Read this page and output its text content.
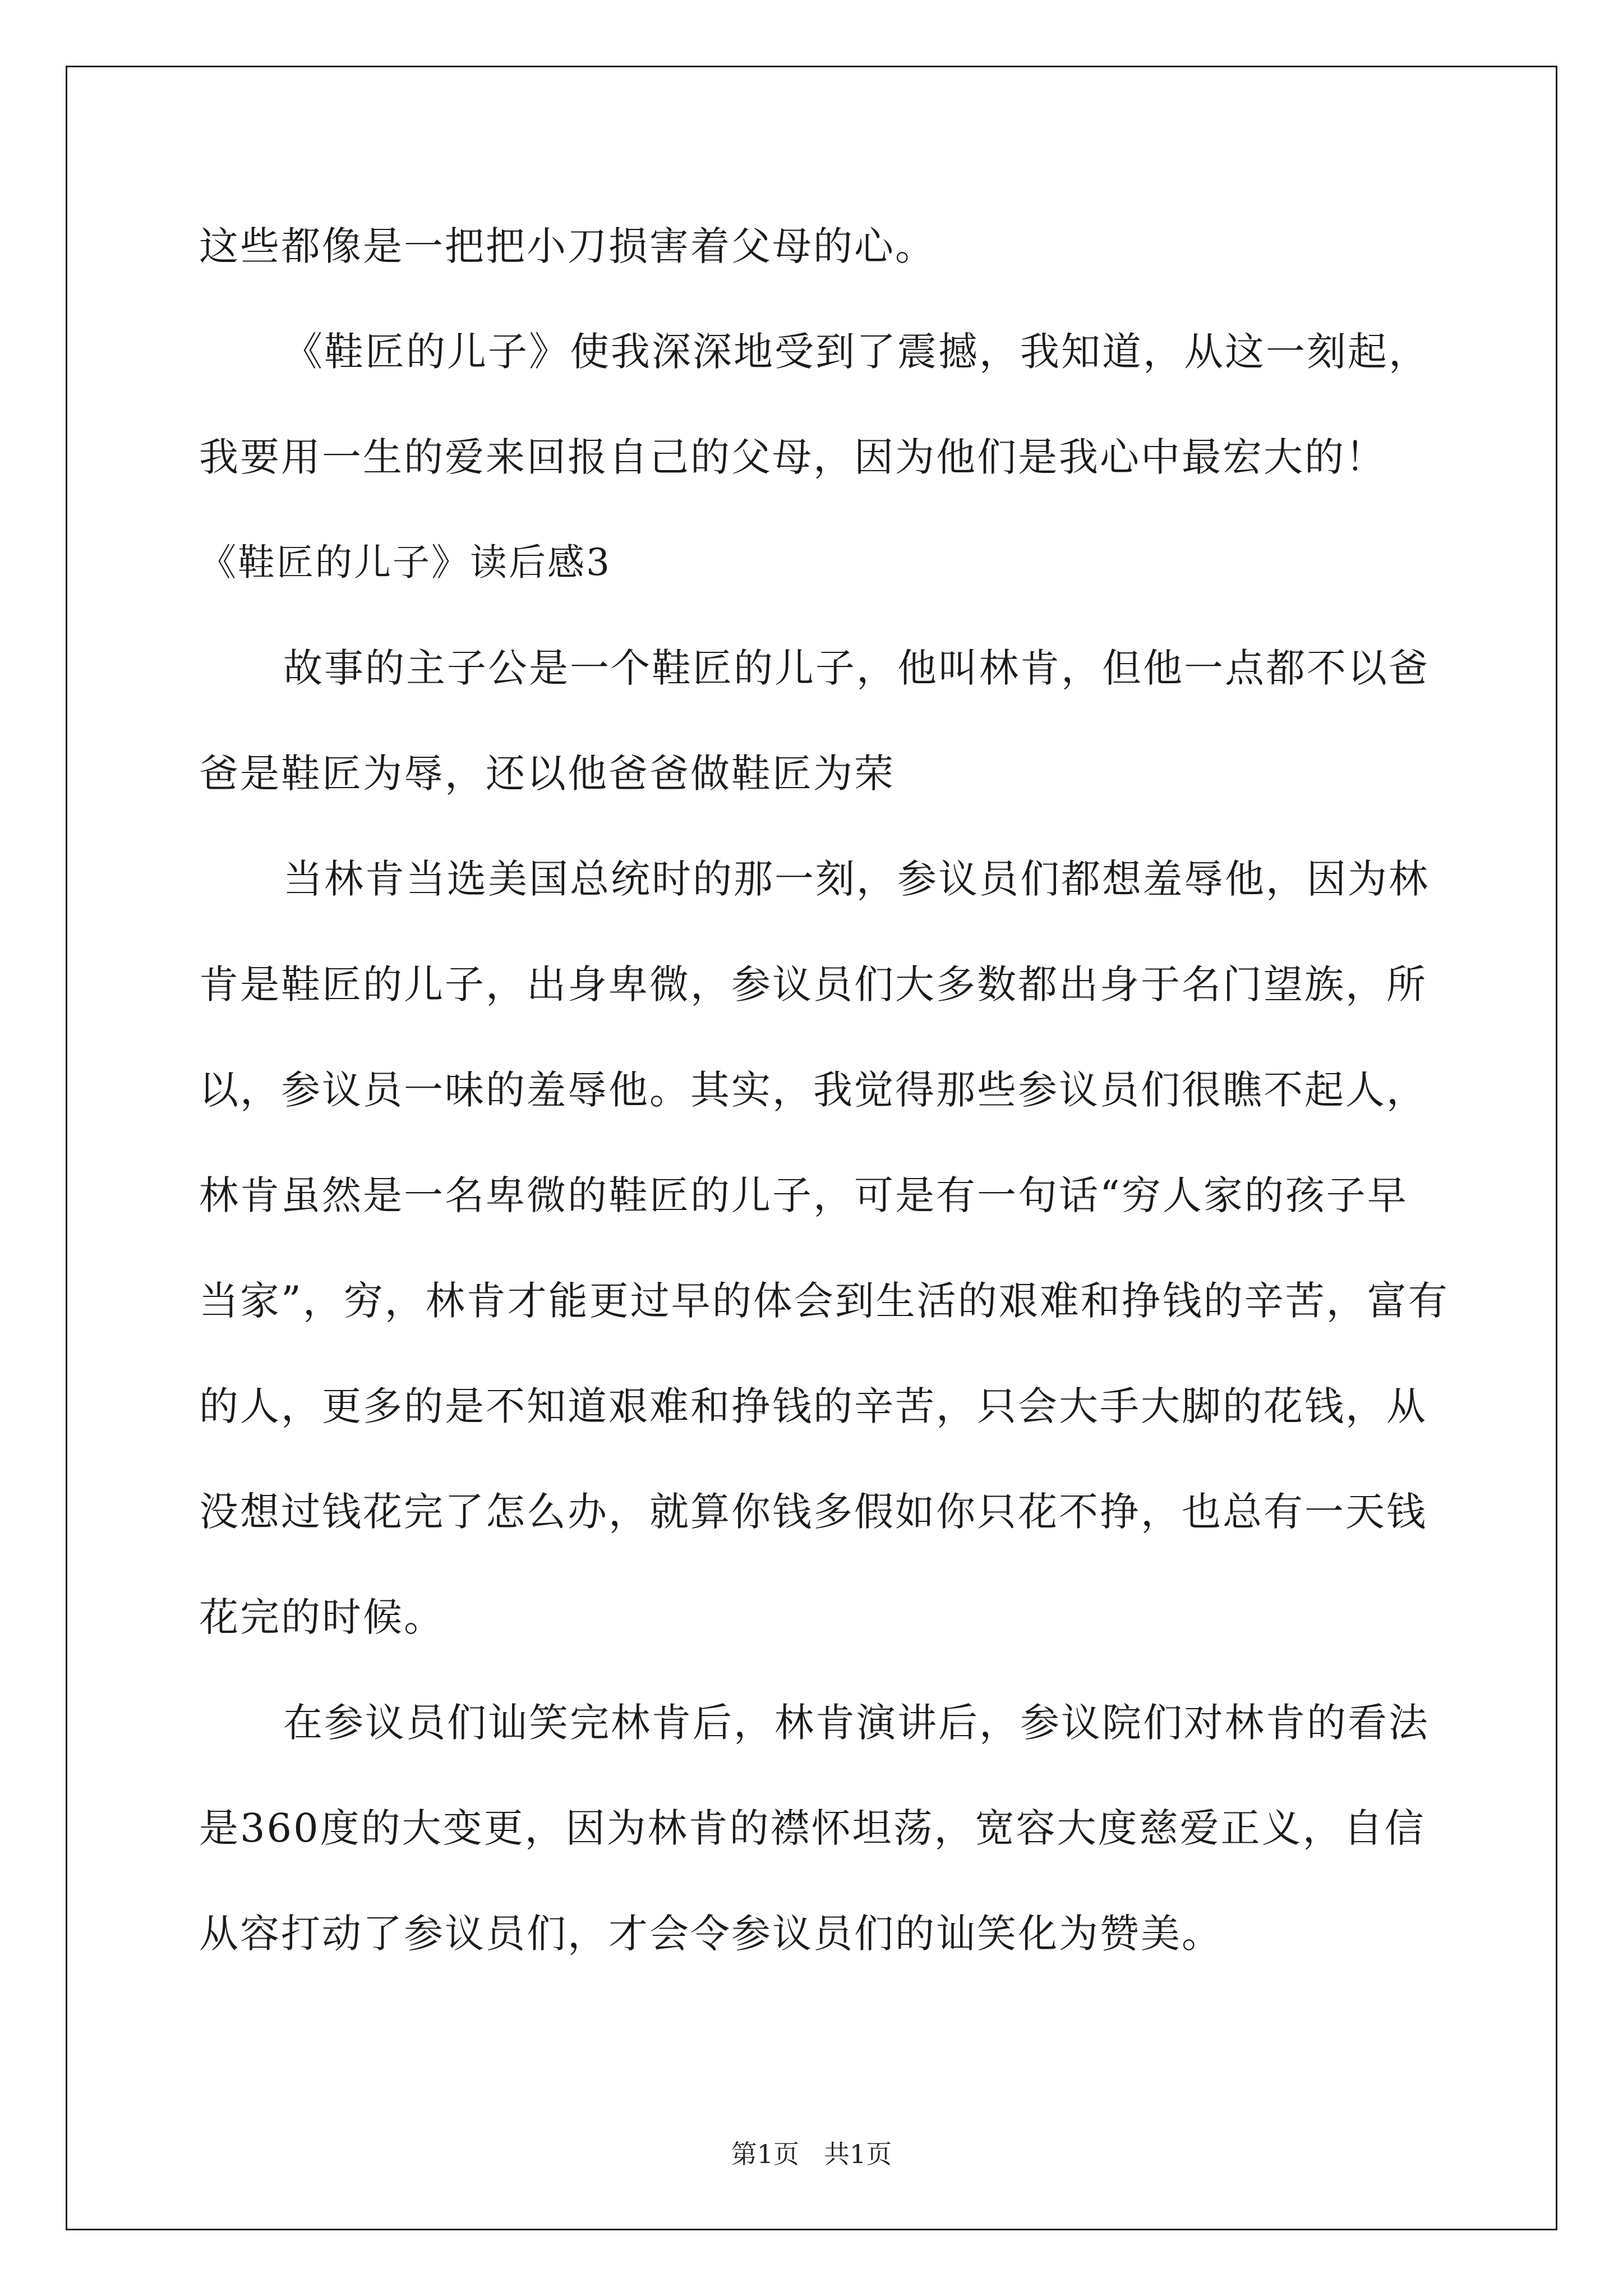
这些都像是一把把小刀损害着父母的心。
《鞋匠的儿子》使我深深地受到了震撼，我知道，从这一刻起，
我要用一生的爱来回报自己的父母，因为他们是我心中最宏大的！
《鞋匠的儿子》读后感3
故事的主子公是一个鞋匠的儿子，他叫林肯，但他一点都不以爸
爸是鞋匠为辱，还以他爸爸做鞋匠为荣
当林肯当选美国总统时的那一刻，参议员们都想羞辱他，因为林
肯是鞋匠的儿子，出身卑微，参议员们大多数都出身于名门望族，所
以，参议员一味的羞辱他。其实，我觉得那些参议员们很瞧不起人，
林肯虽然是一名卑微的鞋匠的儿子，可是有一句话“穷人家的孩子早
当家”，穷，林肯才能更过早的体会到生活的艰难和挣钱的辛苦，富有
的人，更多的是不知道艰难和挣钱的辛苦，只会大手大脚的花钱，从
没想过钱花完了怎么办，就算你钱多假如你只花不挣，也总有一天钱
花完的时候。
在参议员们讪笑完林肯后，林肯演讲后，参议院们对林肯的看法
是360度的大变更，因为林肯的襟怀坦荡，宽容大度慈爱正义，自信
从容打动了参议员们，才会令参议员们的讪笑化为赞美。
第1页 共1页
